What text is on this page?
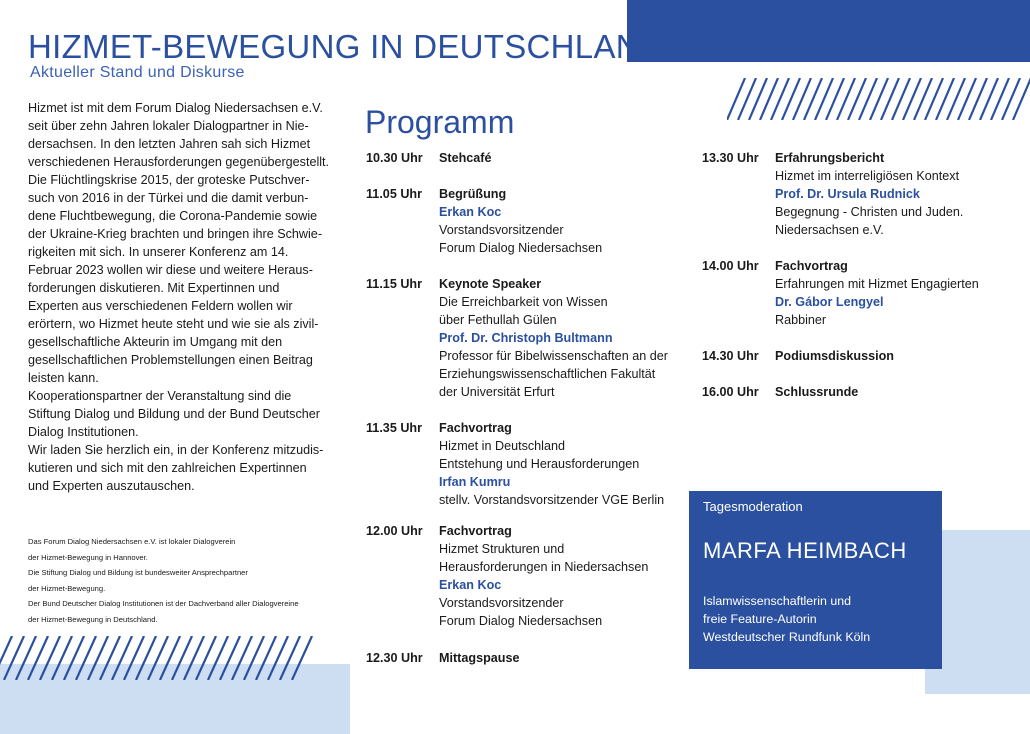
HIZMET-BEWEGUNG IN DEUTSCHLAND

Aktueller Stand und Diskurse

Hizmet ist mit dem Forum Dialog Niedersachsen e.V.
seit über zehn Jahren lokaler Dialogpartner in Nie-
dersachsen. In den letzten Jahren sah sich Hizmet
verschiedenen Herausforderungen gegenübergestellt.
Die Flüchtlingskrise 2015, der groteske Putschver-
such von 2016 in der Türkei und die damit verbun-
dene Fluchtbewegung, die Corona-Pandemie sowie
der Ukraine-Krieg brachten und bringen ihre Schwie-
rigkeiten mit sich. In unserer Konferenz am 14.
Februar 2023 wollen wir diese und weitere Heraus-
forderungen diskutieren. Mit Expertinnen und
Experten aus verschiedenen Feldern wollen wir
erörtern, wo Hizmet heute steht und wie sie als zivil-
gesellschaftliche Akteurin im Umgang mit den
gesellschaftlichen Problemstellungen einen Beitrag
leisten kann.
Kooperationspartner der Veranstaltung sind die
Stiftung Dialog und Bildung und der Bund Deutscher
Dialog Institutionen.
Wir laden Sie herzlich ein, in der Konferenz mitzudis-
kutieren und sich mit den zahlreichen Expertinnen
und Experten auszutauschen.

Das Forum Dialog Niedersachsen e.V. ist lokaler Dialogverein
der Hizmet-Bewegung in Hannover.
Die Stiftung Dialog und Bildung ist bundesweiter Ansprechpartner
der Hizmet-Bewegung.
Der Bund Deutscher Dialog Institutionen ist der Dachverband aller Dialogvereine
der Hizmet-Bewegung in Deutschland.

Programm
10.30 Uhr Stehcafé
11.05 Uhr Begrüßung
Erkan Koc
Vorstandsvorsitzender
Forum Dialog Niedersachsen
11.15 Uhr Keynote Speaker
Die Erreichbarkeit von Wissen
über Fethullah Gülen
Prof. Dr. Christoph Bultmann
Professor für Bibelwissenschaften an der
Erziehungswissenschaftlichen Fakultät
der Universität Erfurt
11.35 Uhr Fachvortrag
Hizmet in Deutschland
Entstehung und Herausforderungen
Irfan Kumru
stellv. Vorstandsvorsitzender VGE Berlin
12.00 Uhr Fachvortrag
Hizmet Strukturen und
Herausforderungen in Niedersachsen
Erkan Koc
Vorstandsvorsitzender
Forum Dialog Niedersachsen
12.30 Uhr Mittagspause
13.30 Uhr Erfahrungsbericht
Hizmet im interreligiösen Kontext
Prof. Dr. Ursula Rudnick
Begegnung - Christen und Juden.
Niedersachsen e.V.
14.00 Uhr Fachvortrag
Erfahrungen mit Hizmet Engagierten
Dr. Gábor Lengyel
Rabbiner
14.30 Uhr Podiumsdiskussion
16.00 Uhr Schlussrunde
Tagesmoderation
MARFA HEIMBACH
Islamwissenschaftlerin und
freie Feature-Autorin
Westdeutscher Rundfunk Köln
